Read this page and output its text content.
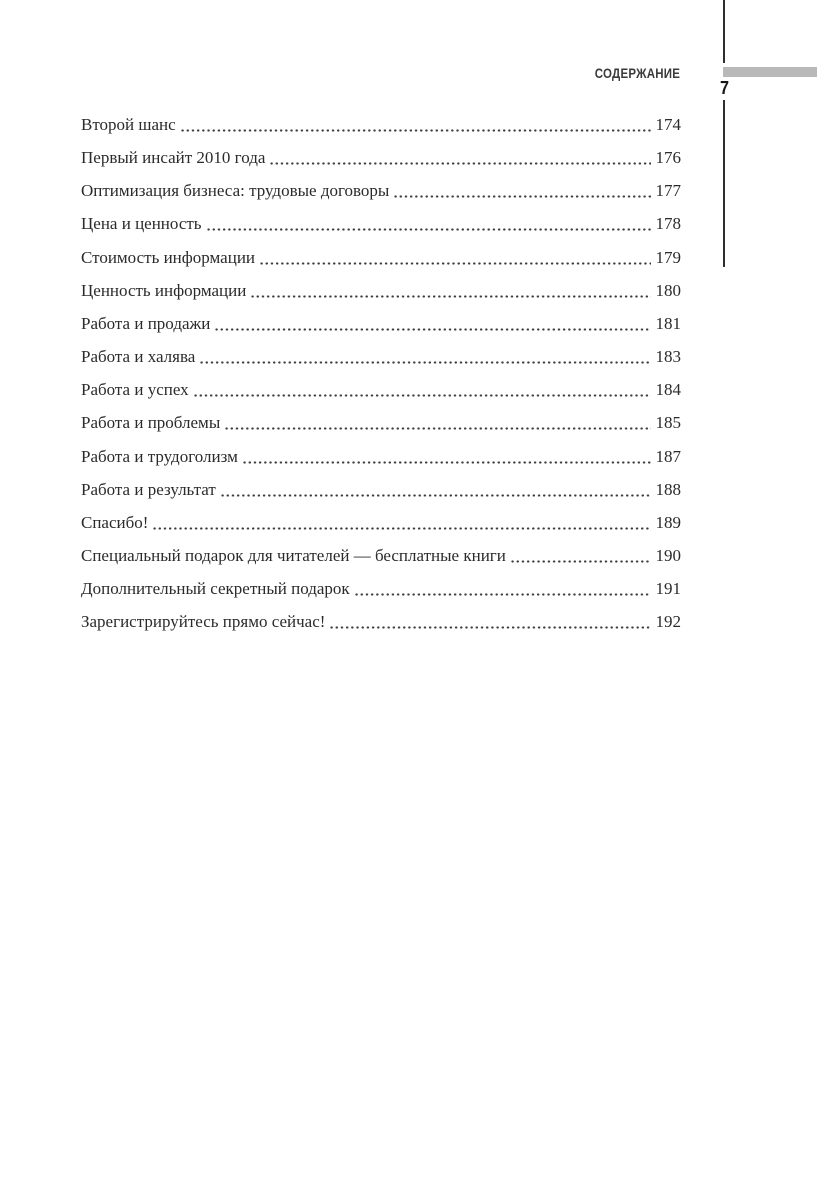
СОДЕРЖАНИЕ
7
Второй шанс	174
Первый инсайт 2010 года	176
Оптимизация бизнеса: трудовые договоры	177
Цена и ценность	178
Стоимость информации	179
Ценность информации	180
Работа и продажи	181
Работа и халява	183
Работа и успех	184
Работа и проблемы	185
Работа и трудоголизм	187
Работа и результат	188
Спасибо!	189
Специальный подарок для читателей — бесплатные книги	190
Дополнительный секретный подарок	191
Зарегистрируйтесь прямо сейчас!	192
